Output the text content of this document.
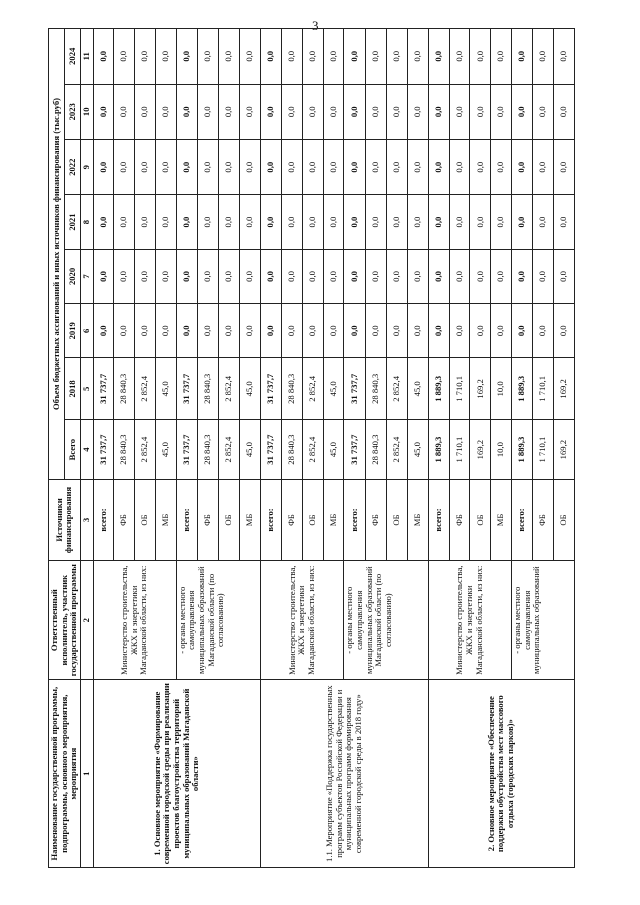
3
Наименование государственной программы, подпрограммы, основного мероприятия, мероприятия	Ответственный исполнитель, участник государственной программы	Источники финансирования	Объем бюджетных ассигнований и иных источников финансирования (тыс.руб)							
			Всего	2018	2019	2020	2021	2022	2023	2024
1	2	3	4	5	6	7	8	9	10	11
1. Основное мероприятие «Формирование современной городской среды при реализации проектов благоустройства территорий муниципальных образований Магаданской области»	Министерство строительства, ЖКХ и энергетики Магаданской области, из них:	всего:	31 737,7	31 737,7	0,0	0,0	0,0	0,0	0,0	0,0
		ФБ	28 840,3	28 840,3	0,0	0,0	0,0	0,0	0,0	0,0
		ОБ	2 852,4	2 852,4	0,0	0,0	0,0	0,0	0,0	0,0
		МБ	45,0	45,0	0,0	0,0	0,0	0,0	0,0	0,0
	- органы местного самоуправления муниципальных образований Магаданской области (по согласованию)	всего:	31 737,7	31 737,7	0,0	0,0	0,0	0,0	0,0	0,0
		ФБ	28 840,3	28 840,3	0,0	0,0	0,0	0,0	0,0	0,0
		ОБ	2 852,4	2 852,4	0,0	0,0	0,0	0,0	0,0	0,0
		МБ	45,0	45,0	0,0	0,0	0,0	0,0	0,0	0,0
1.1. Мероприятие «Поддержка государственных программ субъектов Российской Федерации и муниципальных программ формирования современной городской среды в 2018 году»	Министерство строительства, ЖКХ и энергетики Магаданской области, из них:	всего:	31 737,7	31 737,7	0,0	0,0	0,0	0,0	0,0	0,0
		ФБ	28 840,3	28 840,3	0,0	0,0	0,0	0,0	0,0	0,0
		ОБ	2 852,4	2 852,4	0,0	0,0	0,0	0,0	0,0	0,0
		МБ	45,0	45,0	0,0	0,0	0,0	0,0	0,0	0,0
	- органы местного самоуправления муниципальных образований Магаданской области (по согласованию)	всего:	31 737,7	31 737,7	0,0	0,0	0,0	0,0	0,0	0,0
		ФБ	28 840,3	28 840,3	0,0	0,0	0,0	0,0	0,0	0,0
		ОБ	2 852,4	2 852,4	0,0	0,0	0,0	0,0	0,0	0,0
		МБ	45,0	45,0	0,0	0,0	0,0	0,0	0,0	0,0
2. Основное мероприятие «Обеспечение поддержки обустройства мест массового отдыха (городских парков)»	Министерство строительства, ЖКХ и энергетики Магаданской области, из них:	всего:	1 889,3	1 889,3	0,0	0,0	0,0	0,0	0,0	0,0
		ФБ	1 710,1	1 710,1	0,0	0,0	0,0	0,0	0,0	0,0
		ОБ	169,2	169,2	0,0	0,0	0,0	0,0	0,0	0,0
		МБ	10,0	10,0	0,0	0,0	0,0	0,0	0,0	0,0
	- органы местного самоуправления муниципальных образований	всего:	1 889,3	1 889,3	0,0	0,0	0,0	0,0	0,0	0,0
		ФБ	1 710,1	1 710,1	0,0	0,0	0,0	0,0	0,0	0,0
		ОБ	169,2	169,2	0,0	0,0	0,0	0,0	0,0	0,0
